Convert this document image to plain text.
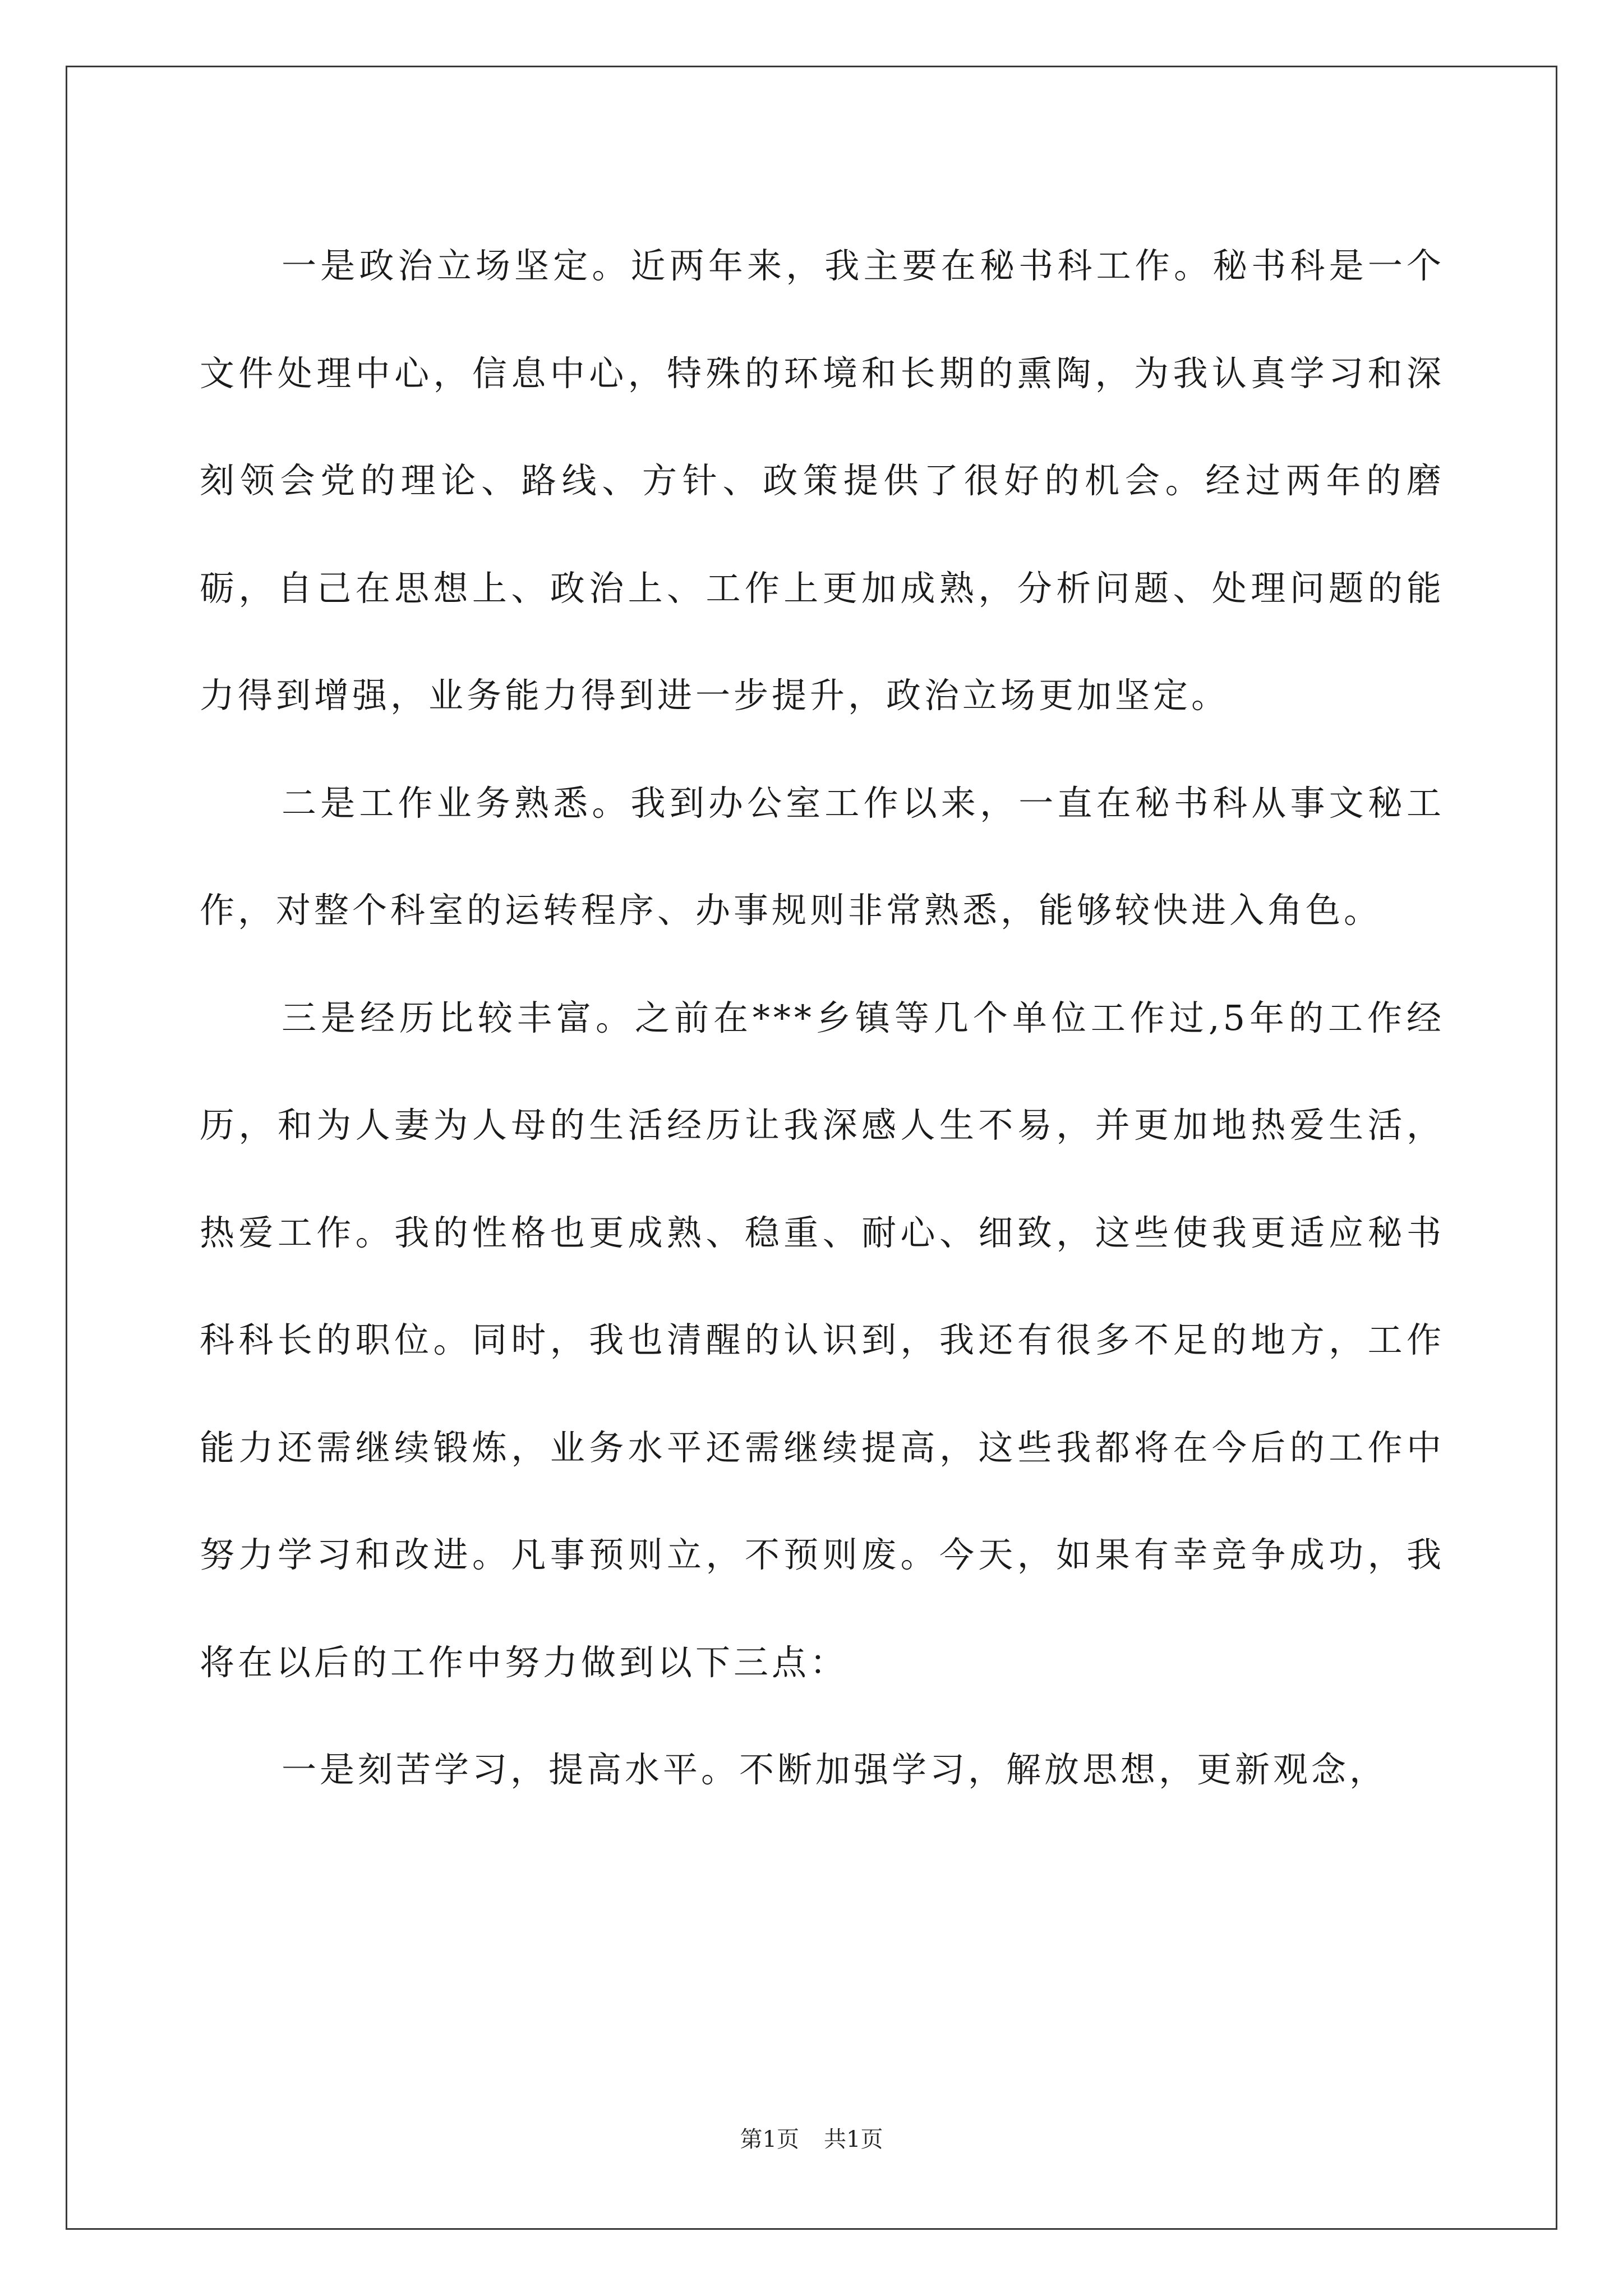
一是政治立场坚定。近两年来，我主要在秘书科工作。秘书科是一个文件处理中心，信息中心，特殊的环境和长期的熏陶，为我认真学习和深刻领会党的理论、路线、方针、政策提供了很好的机会。经过两年的磨砺，自己在思想上、政治上、工作上更加成熟，分析问题、处理问题的能力得到增强，业务能力得到进一步提升，政治立场更加坚定。

二是工作业务熟悉。我到办公室工作以来，一直在秘书科从事文秘工作，对整个科室的运转程序、办事规则非常熟悉，能够较快进入角色。

三是经历比较丰富。之前在***乡镇等几个单位工作过,5年的工作经历，和为人妻为人母的生活经历让我深感人生不易，并更加地热爱生活，热爱工作。我的性格也更成熟、稳重、耐心、细致，这些使我更适应秘书科科长的职位。同时，我也清醒的认识到，我还有很多不足的地方，工作能力还需继续锻炼，业务水平还需继续提高，这些我都将在今后的工作中努力学习和改进。凡事预则立，不预则废。今天，如果有幸竞争成功，我将在以后的工作中努力做到以下三点：

一是刻苦学习，提高水平。不断加强学习，解放思想，更新观念，

第1页 共1页
